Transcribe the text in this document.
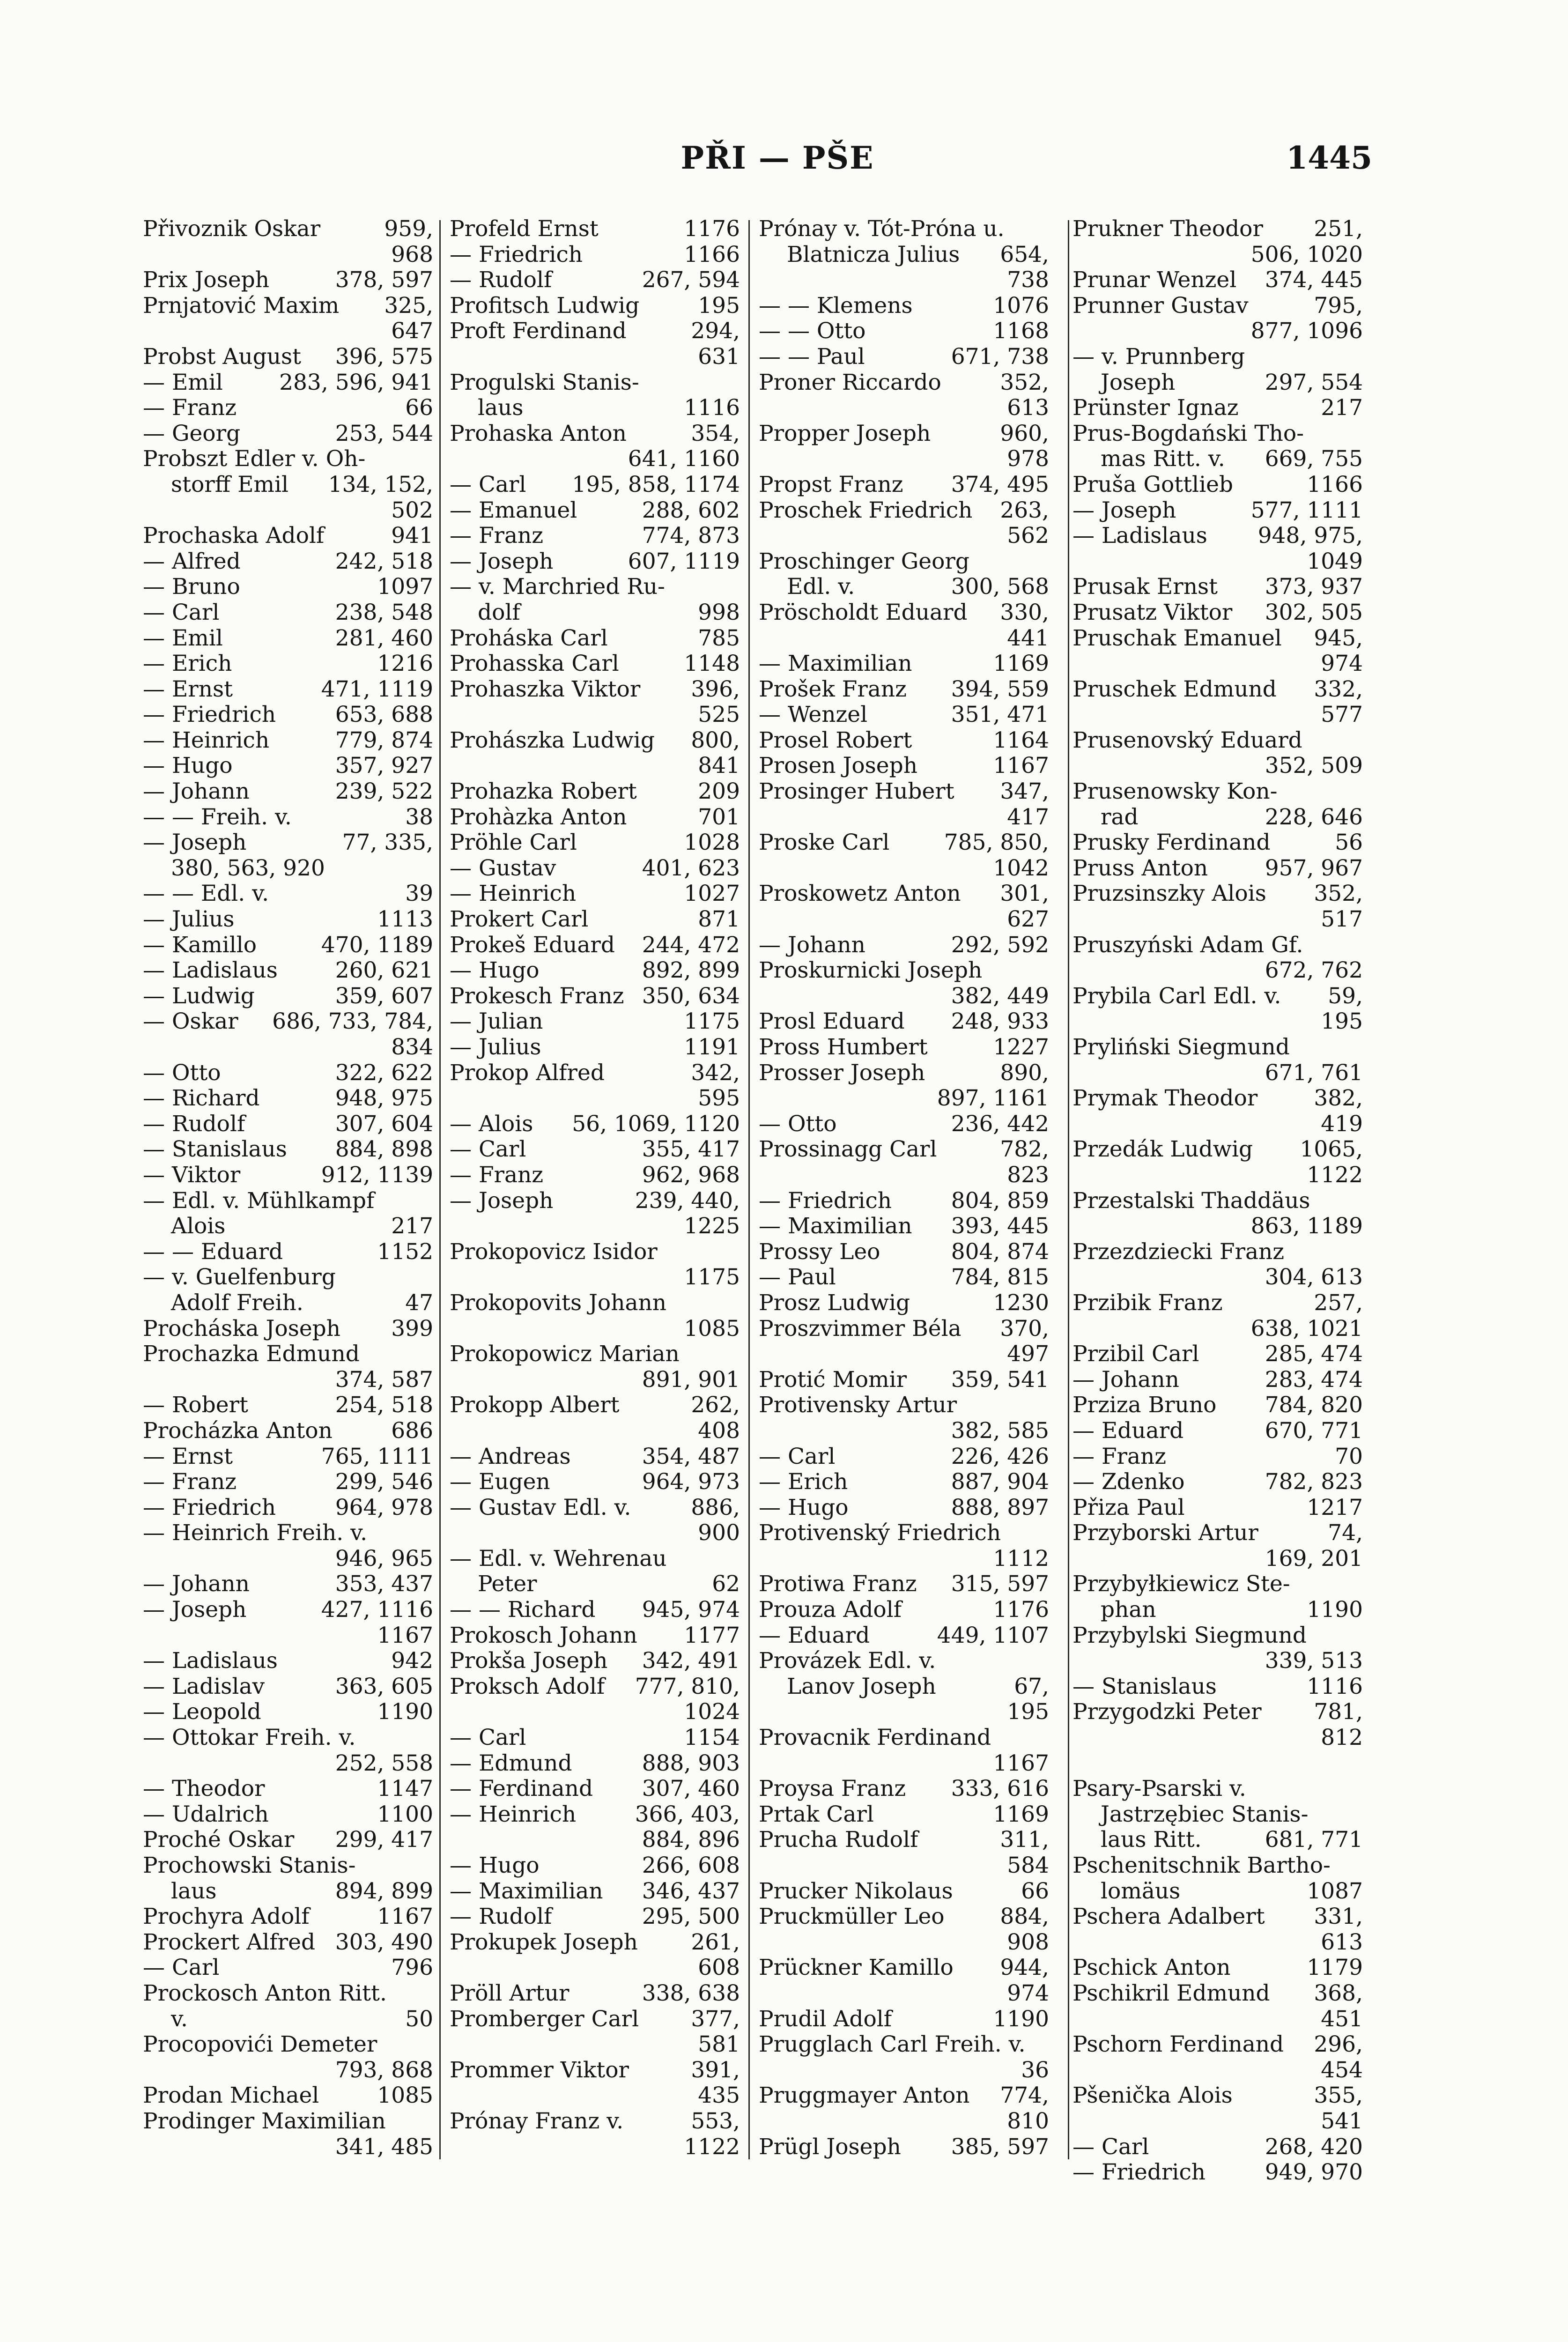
PŘI — PŠE	1445
Přivoznik Oskar	959,
968
Prix Joseph	378, 597
Prnjatović Maxim 325,
647
Probst August 396, 575
— Emil	283, 596, 941
— Franz	66
— Georg	253, 544
Probszt Edler v. Oh-
storff Emil 134, 152,
502
Prochaska Adolf	941
— Alfred	242, 518
— Bruno	1097
— Carl	238, 548
— Emil	281, 460
— Erich	1216
— Ernst	471, 1119
— Friedrich	653, 688
— Heinrich	779, 874
— Hugo	357, 927
— Johann	239, 522
— — Freih. v.	38
— Joseph	77, 335,
380, 563, 920
— — Edl. v.	39
— Julius	1113
— Kamillo	470, 1189
— Ladislaus	260, 621
— Ludwig	359, 607
— Oskar 686, 733, 784,
834
— Otto	322, 622
— Richard	948, 975
— Rudolf	307, 604
— Stanislaus 884, 898
— Viktor	912, 1139
— Edl. v. Mühlkampf
Alois	217
— — Eduard	1152
— v. Guelfenburg
Adolf Freih.	47
Procháska Joseph 399
Prochazka Edmund
374, 587
— Robert	254, 518
Procházka Anton	686
— Ernst	765, 1111
— Franz	299, 546
— Friedrich	964, 978
— Heinrich Freih. v.
946, 965
— Johann	353, 437
— Joseph	427, 1116
1167
— Ladislaus	942
— Ladislav	363, 605
— Leopold	1190
— Ottokar Freih. v.
252, 558
— Theodor	1147
— Udalrich	1100
Proché Oskar 299, 417
Prochowski Stanis-
laus	894, 899
Prochyra Adolf	1167
Prockert Alfred 303, 490
— Carl	796
Prockosch Anton Ritt.
v.	50
Procopovići Demeter
793, 868
Prodan Michael	1085
Prodinger Maximilian
341, 485
Profeld Ernst	1176
— Friedrich	1166
— Rudolf	267, 594
Profitsch Ludwig	195
Proft Ferdinand	294,
631
Progulski Stanis-
laus	1116
Prohaska Anton	354,
641, 1160
— Carl 195, 858, 1174
— Emanuel	288, 602
— Franz	774, 873
— Joseph	607, 1119
— v. Marchried Ru-
dolf	998
Proháska Carl	785
Prohasska Carl	1148
Prohaszka Viktor 396,
525
Prohászka Ludwig 800,
841
Prohazka Robert	209
Prohàzka Anton	701
Pröhle Carl	1028
— Gustav	401, 623
— Heinrich	1027
Prokert Carl	871
Prokeš Eduard 244, 472
— Hugo	892, 899
Prokesch Franz 350, 634
— Julian	1175
— Julius	1191
Prokop Alfred	342,
595
— Alois 56, 1069, 1120
— Carl	355, 417
— Franz	962, 968
— Joseph	239, 440,
1225
Prokopovicz Isidor
1175
Prokopovits Johann
1085
Prokopowicz Marian
891, 901
Prokopp Albert	262,
408
— Andreas	354, 487
— Eugen	964, 973
— Gustav Edl. v.	886,
900
— Edl. v. Wehrenau
Peter	62
— — Richard 945, 974
Prokosch Johann 1177
Prokša Joseph 342, 491
Proksch Adolf 777, 810,
1024
— Carl	1154
— Edmund	888, 903
— Ferdinand 307, 460
— Heinrich	366, 403,
884, 896
— Hugo	266, 608
— Maximilian 346, 437
— Rudolf	295, 500
Prokupek Joseph 261,
608
Pröll Artur	338, 638
Promberger Carl 377,
581
Prommer Viktor	391,
435
Prónay Franz v.	553,
1122
Prónay v. Tót-Próna u.
Blatnicza Julius 654,
738
— — Klemens	1076
— — Otto	1168
— — Paul	671, 738
Proner Riccardo	352,
613
Propper Joseph	960,
978
Propst Franz 374, 495
Proschek Friedrich 263,
562
Proschinger Georg
Edl. v.	300, 568
Pröscholdt Eduard 330,
441
— Maximilian	1169
Prošek Franz 394, 559
— Wenzel	351, 471
Prosel Robert	1164
Prosen Joseph	1167
Prosinger Hubert 347,
417
Proske Carl 785, 850,
1042
Proskowetz Anton 301,
627
— Johann	292, 592
Proskurnicki Joseph
382, 449
Prosl Eduard 248, 933
Pross Humbert	1227
Prosser Joseph	890,
897, 1161
— Otto	236, 442
Prossinagg Carl	782,
823
— Friedrich	804, 859
— Maximilian 393, 445
Prossy Leo	804, 874
— Paul	784, 815
Prosz Ludwig	1230
Proszvimmer Béla 370,
497
Protić Momir 359, 541
Protivensky Artur
382, 585
— Carl	226, 426
— Erich	887, 904
— Hugo	888, 897
Protivenský Friedrich
1112
Protiwa Franz 315, 597
Prouza Adolf	1176
— Eduard	449, 1107
Provázek Edl. v.
Lanov Joseph	67,
195
Provacnik Ferdinand
1167
Proysa Franz 333, 616
Prtak Carl	1169
Prucha Rudolf	311,
584
Prucker Nikolaus	66
Pruckmüller Leo	884,
908
Prückner Kamillo 944,
974
Prudil Adolf	1190
Prugglach Carl Freih. v.
36
Pruggmayer Anton 774,
810
Prügl Joseph 385, 597
Prukner Theodor 251,
506, 1020
Prunar Wenzel 374, 445
Prunner Gustav	795,
877, 1096
— v. Prunnberg
Joseph	297, 554
Prünster Ignaz	217
Prus-Bogdański Tho-
mas Ritt. v. 669, 755
Pruša Gottlieb	1166
— Joseph	577, 1111
— Ladislaus 948, 975,
1049
Prusak Ernst 373, 937
Prusatz Viktor 302, 505
Pruschak Emanuel 945,
974
Pruschek Edmund 332,
577
Prusenovský Eduard
352, 509
Prusenowsky Kon-
rad	228, 646
Prusky Ferdinand	56
Pruss Anton	957, 967
Pruzsinszky Alois 352,
517
Pruszyński Adam Gf.
672, 762
Prybila Carl Edl. v. 59,
195
Pryliński Siegmund
671, 761
Prymak Theodor	382,
419
Przedák Ludwig 1065,
1122
Przestalski Thaddäus
863, 1189
Przezdziecki Franz
304, 613
Przibik Franz	257,
638, 1021
Przibil Carl	285, 474
— Johann	283, 474
Prziza Bruno 784, 820
— Eduard	670, 771
— Franz	70
— Zdenko	782, 823
Přiza Paul	1217
Przyborski Artur	74,
169, 201
Przybyłkiewicz Ste-
phan	1190
Przybylski Siegmund
339, 513
— Stanislaus	1116
Przygodzki Peter 781,
812
Psary-Psarski v.
Jastrzębiec Stanis-
laus Ritt.	681, 771
Pschenitschnik Bartho-
lomäus	1087
Pschera Adalbert 331,
613
Pschick Anton	1179
Pschikril Edmund 368,
451
Pschorn Ferdinand 296,
454
Pšenička Alois	355,
541
— Carl	268, 420
— Friedrich	949, 970
